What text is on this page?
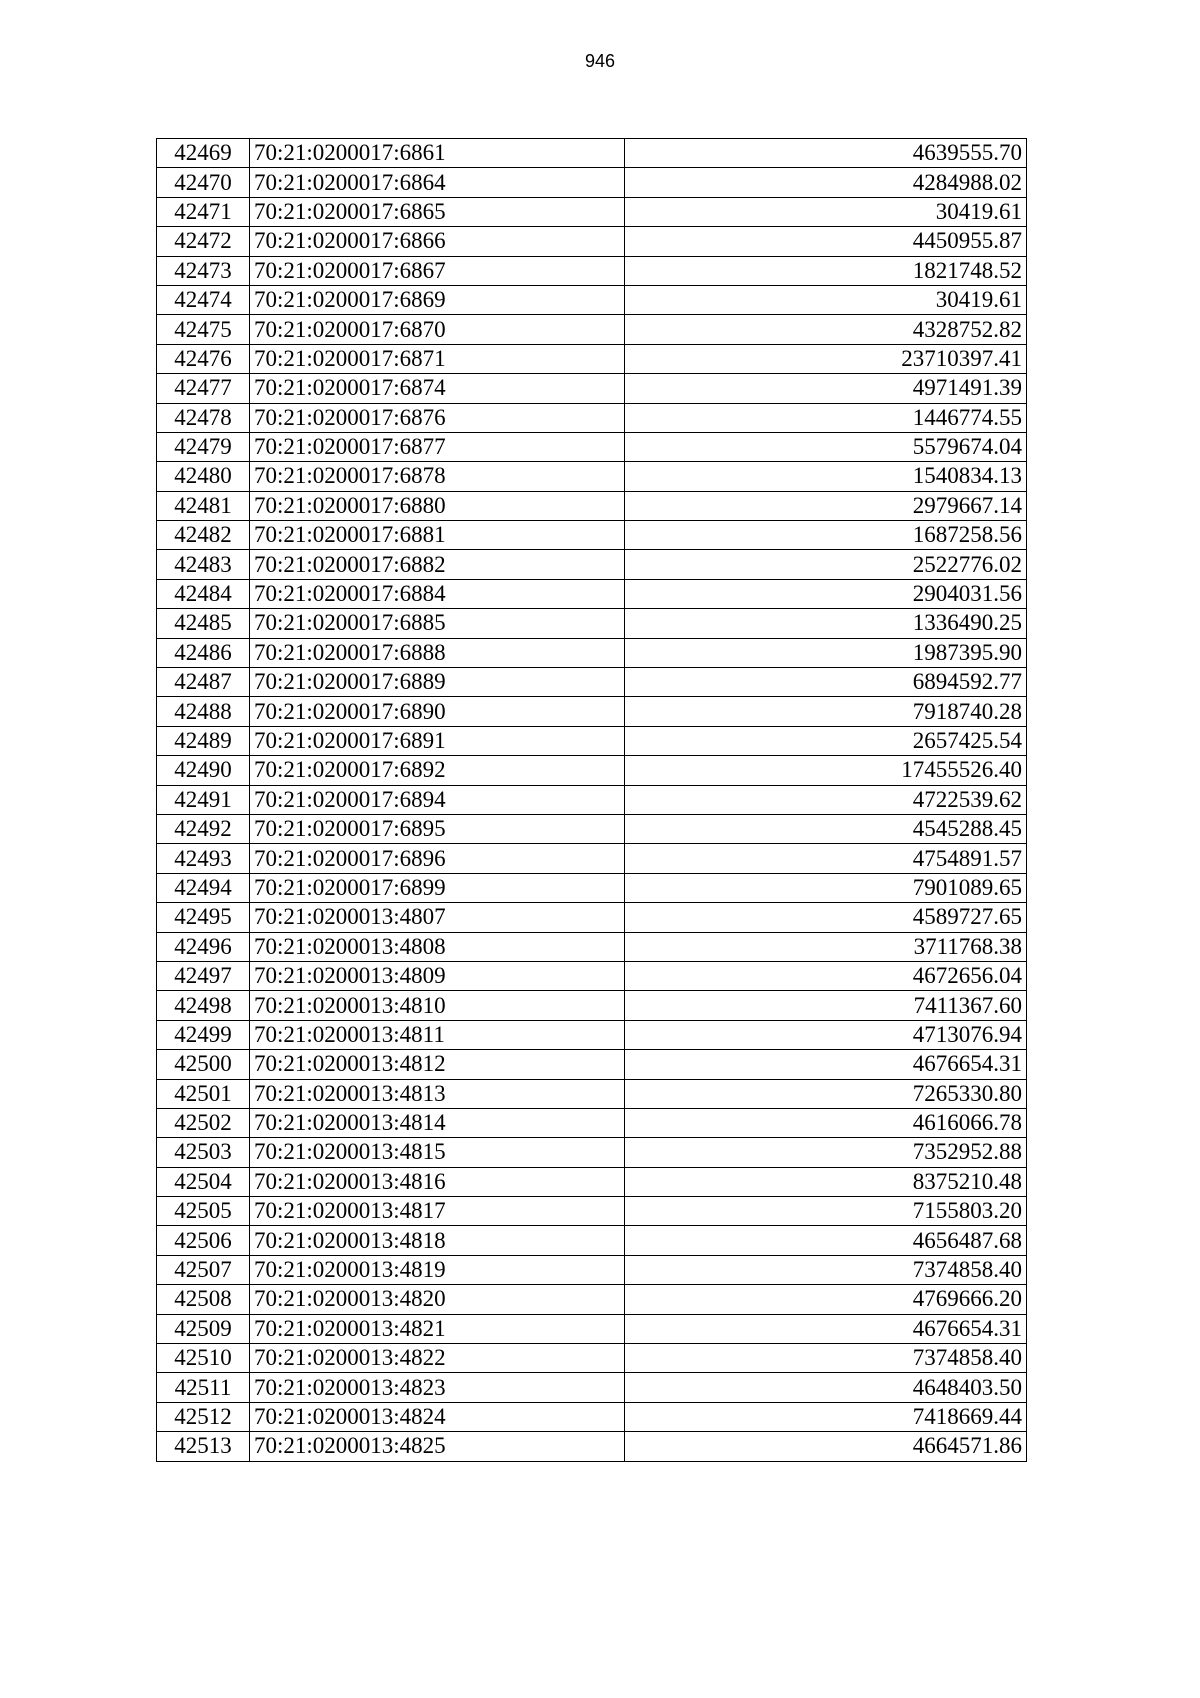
946
42469	70:21:0200017:6861	4639555.70
42470	70:21:0200017:6864	4284988.02
42471	70:21:0200017:6865	30419.61
42472	70:21:0200017:6866	4450955.87
42473	70:21:0200017:6867	1821748.52
42474	70:21:0200017:6869	30419.61
42475	70:21:0200017:6870	4328752.82
42476	70:21:0200017:6871	23710397.41
42477	70:21:0200017:6874	4971491.39
42478	70:21:0200017:6876	1446774.55
42479	70:21:0200017:6877	5579674.04
42480	70:21:0200017:6878	1540834.13
42481	70:21:0200017:6880	2979667.14
42482	70:21:0200017:6881	1687258.56
42483	70:21:0200017:6882	2522776.02
42484	70:21:0200017:6884	2904031.56
42485	70:21:0200017:6885	1336490.25
42486	70:21:0200017:6888	1987395.90
42487	70:21:0200017:6889	6894592.77
42488	70:21:0200017:6890	7918740.28
42489	70:21:0200017:6891	2657425.54
42490	70:21:0200017:6892	17455526.40
42491	70:21:0200017:6894	4722539.62
42492	70:21:0200017:6895	4545288.45
42493	70:21:0200017:6896	4754891.57
42494	70:21:0200017:6899	7901089.65
42495	70:21:0200013:4807	4589727.65
42496	70:21:0200013:4808	3711768.38
42497	70:21:0200013:4809	4672656.04
42498	70:21:0200013:4810	7411367.60
42499	70:21:0200013:4811	4713076.94
42500	70:21:0200013:4812	4676654.31
42501	70:21:0200013:4813	7265330.80
42502	70:21:0200013:4814	4616066.78
42503	70:21:0200013:4815	7352952.88
42504	70:21:0200013:4816	8375210.48
42505	70:21:0200013:4817	7155803.20
42506	70:21:0200013:4818	4656487.68
42507	70:21:0200013:4819	7374858.40
42508	70:21:0200013:4820	4769666.20
42509	70:21:0200013:4821	4676654.31
42510	70:21:0200013:4822	7374858.40
42511	70:21:0200013:4823	4648403.50
42512	70:21:0200013:4824	7418669.44
42513	70:21:0200013:4825	4664571.86
